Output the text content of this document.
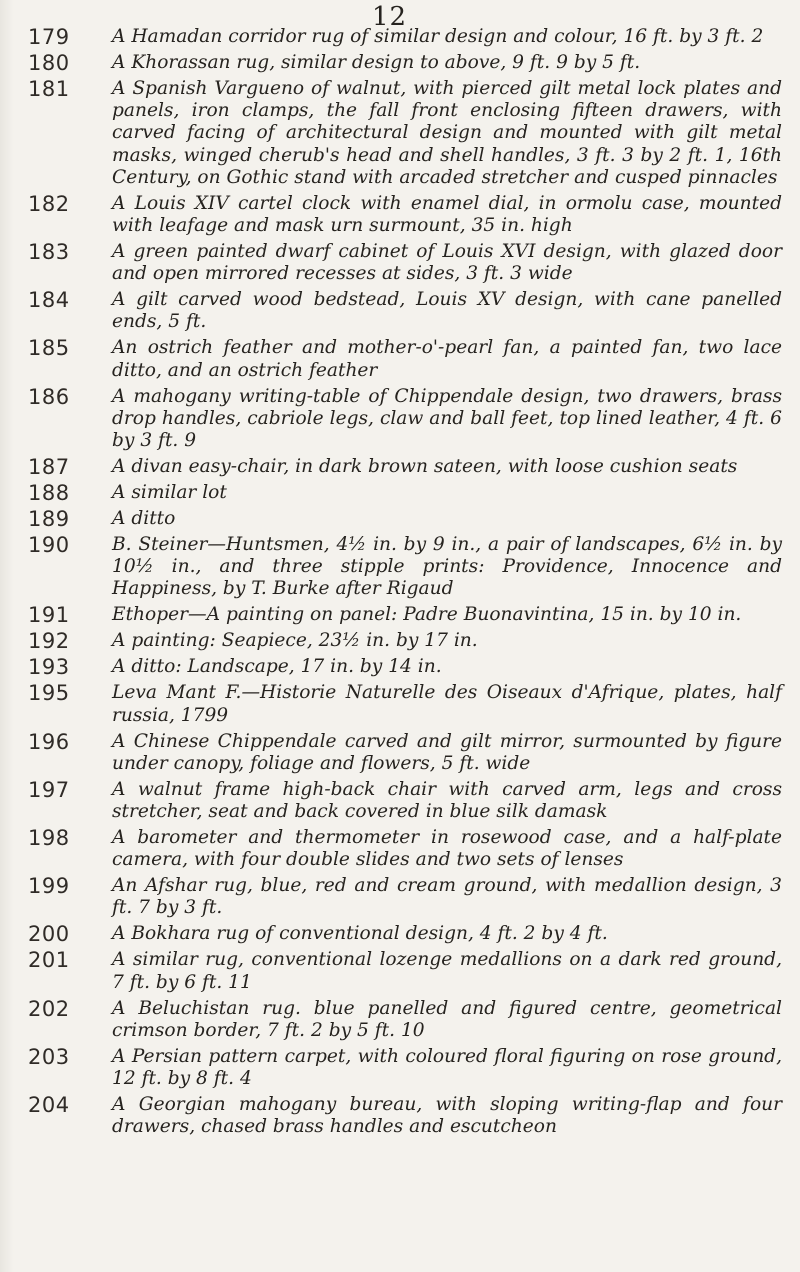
12
179	A Hamadan corridor rug of similar design and colour, 16 ft. by 3 ft. 2
180	A Khorassan rug, similar design to above, 9 ft. 9 by 5 ft.
181	A Spanish Vargueno of walnut, with pierced gilt metal lock plates and panels, iron clamps, the fall front enclosing fifteen drawers, with carved facing of architectural design and mounted with gilt metal masks, winged cherub's head and shell handles, 3 ft. 3 by 2 ft. 1, 16th Century, on Gothic stand with arcaded stretcher and cusped pinnacles
182	A Louis XIV cartel clock with enamel dial, in ormolu case, mounted with leafage and mask urn surmount, 35 in. high
183	A green painted dwarf cabinet of Louis XVI design, with glazed door and open mirrored recesses at sides, 3 ft. 3 wide
184	A gilt carved wood bedstead, Louis XV design, with cane panelled ends, 5 ft.
185	An ostrich feather and mother-o'-pearl fan, a painted fan, two lace ditto, and an ostrich feather
186	A mahogany writing-table of Chippendale design, two drawers, brass drop handles, cabriole legs, claw and ball feet, top lined leather, 4 ft. 6 by 3 ft. 9
187	A divan easy-chair, in dark brown sateen, with loose cushion seats
188	A similar lot
189	A ditto
190	B. Steiner—Huntsmen, 4½ in. by 9 in., a pair of landscapes, 6½ in. by 10½ in., and three stipple prints: Providence, Innocence and Happiness, by T. Burke after Rigaud
191	Ethoper—A painting on panel: Padre Buonavintina, 15 in. by 10 in.
192	A painting: Seapiece, 23½ in. by 17 in.
193	A ditto: Landscape, 17 in. by 14 in.
195	Leva Mant F.—Historie Naturelle des Oiseaux d'Afrique, plates, half russia, 1799
196	A Chinese Chippendale carved and gilt mirror, surmounted by figure under canopy, foliage and flowers, 5 ft. wide
197	A walnut frame high-back chair with carved arm, legs and cross stretcher, seat and back covered in blue silk damask
198	A barometer and thermometer in rosewood case, and a half-plate camera, with four double slides and two sets of lenses
199	An Afshar rug, blue, red and cream ground, with medallion design, 3 ft. 7 by 3 ft.
200	A Bokhara rug of conventional design, 4 ft. 2 by 4 ft.
201	A similar rug, conventional lozenge medallions on a dark red ground, 7 ft. by 6 ft. 11
202	A Beluchistan rug. blue panelled and figured centre, geometrical crimson border, 7 ft. 2 by 5 ft. 10
203	A Persian pattern carpet, with coloured floral figuring on rose ground, 12 ft. by 8 ft. 4
204	A Georgian mahogany bureau, with sloping writing-flap and four drawers, chased brass handles and escutcheon
